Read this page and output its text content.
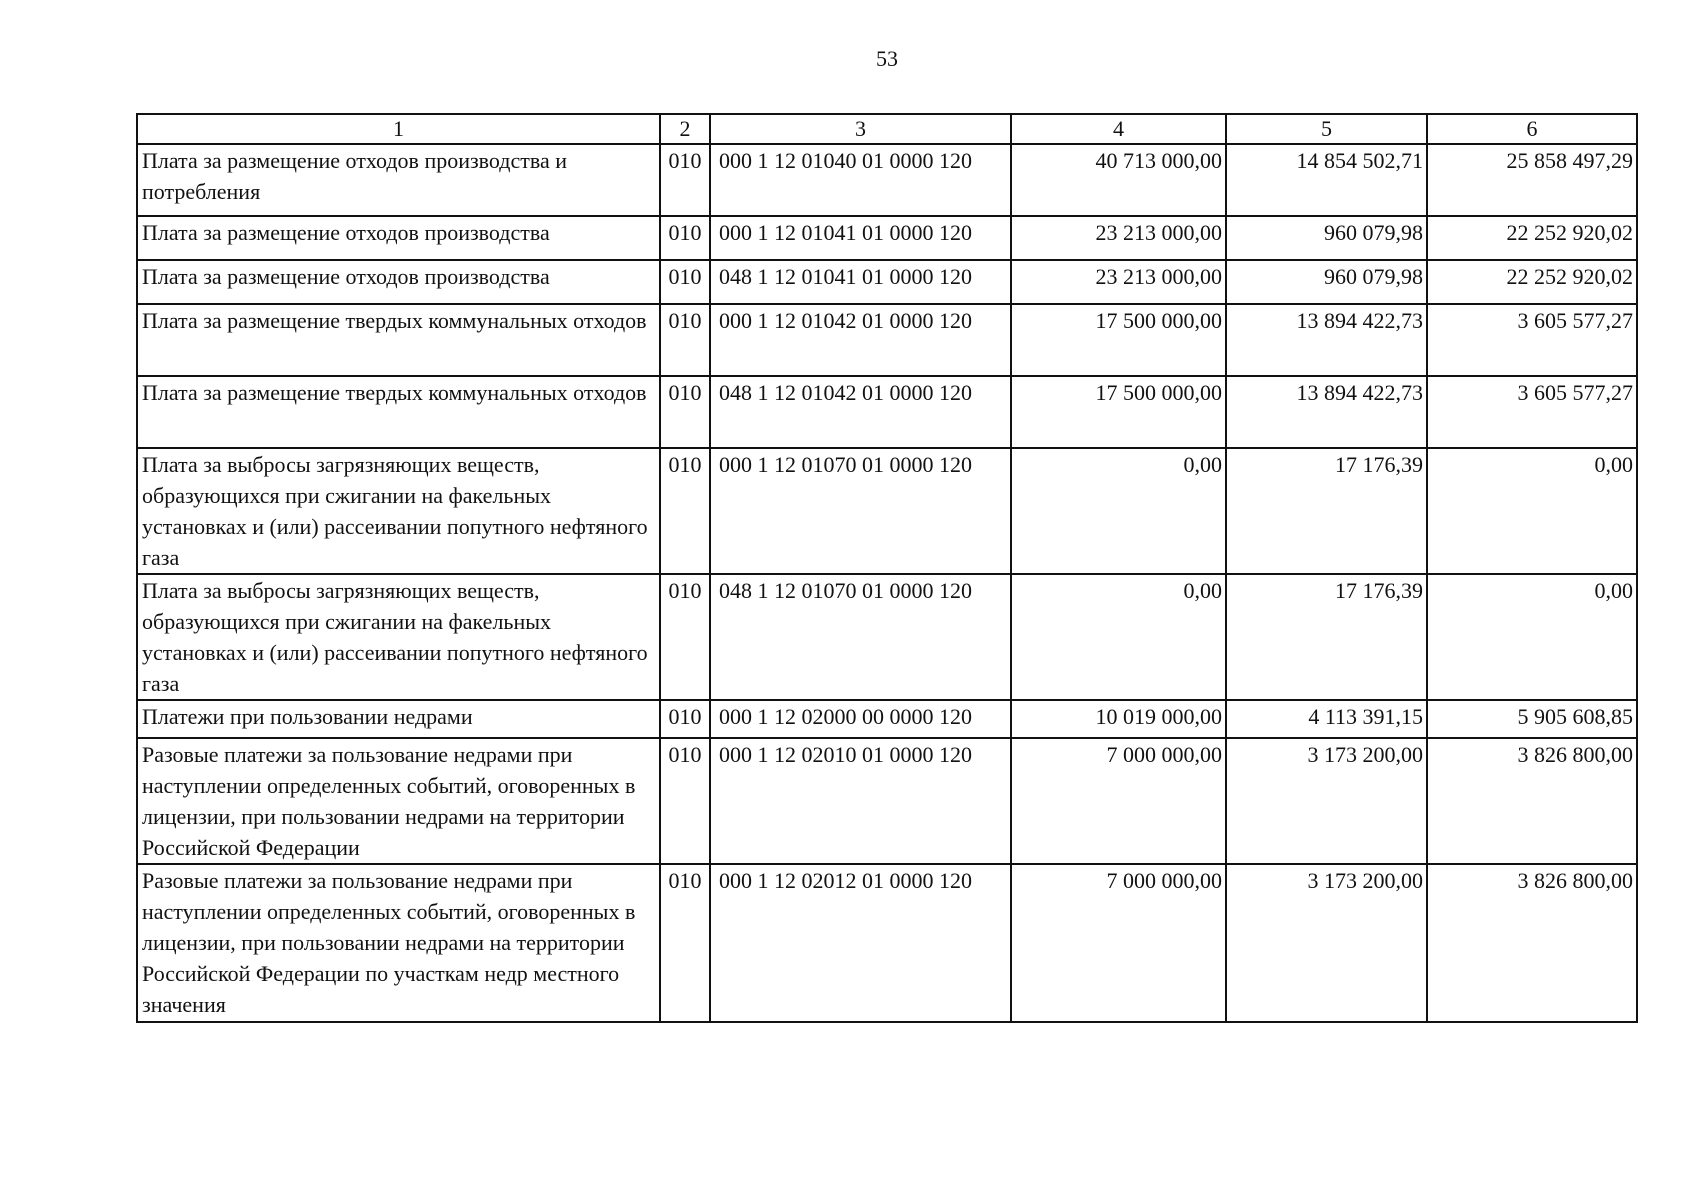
53
1	2	3	4	5	6
Плата за размещение отходов производства и потребления	010	000 1 12 01040 01 0000 120	40 713 000,00	14 854 502,71	25 858 497,29
Плата за размещение отходов производства	010	000 1 12 01041 01 0000 120	23 213 000,00	960 079,98	22 252 920,02
Плата за размещение отходов производства	010	048 1 12 01041 01 0000 120	23 213 000,00	960 079,98	22 252 920,02
Плата за размещение твердых коммунальных отходов	010	000 1 12 01042 01 0000 120	17 500 000,00	13 894 422,73	3 605 577,27
Плата за размещение твердых коммунальных отходов	010	048 1 12 01042 01 0000 120	17 500 000,00	13 894 422,73	3 605 577,27
Плата за выбросы загрязняющих веществ, образующихся при сжигании на факельных установках и (или) рассеивании попутного нефтяного газа	010	000 1 12 01070 01 0000 120	0,00	17 176,39	0,00
Плата за выбросы загрязняющих веществ, образующихся при сжигании на факельных установках и (или) рассеивании попутного нефтяного газа	010	048 1 12 01070 01 0000 120	0,00	17 176,39	0,00
Платежи при пользовании недрами	010	000 1 12 02000 00 0000 120	10 019 000,00	4 113 391,15	5 905 608,85
Разовые платежи за пользование недрами при наступлении определенных событий, оговоренных в лицензии, при пользовании недрами на территории Российской Федерации	010	000 1 12 02010 01 0000 120	7 000 000,00	3 173 200,00	3 826 800,00
Разовые платежи за пользование недрами при наступлении определенных событий, оговоренных в лицензии, при пользовании недрами на территории Российской Федерации по участкам недр местного значения	010	000 1 12 02012 01 0000 120	7 000 000,00	3 173 200,00	3 826 800,00
